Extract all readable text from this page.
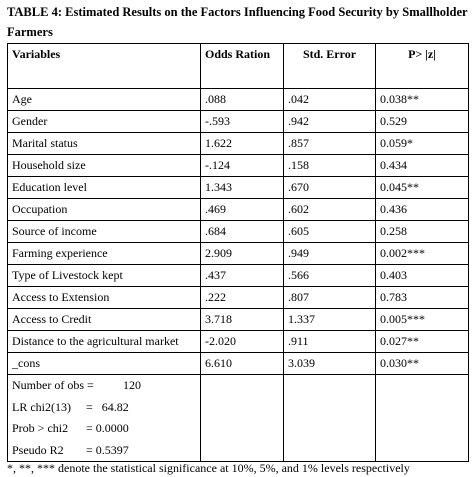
TABLE 4: Estimated Results on the Factors Influencing Food Security by Smallholder Farmers
Variables	Odds Ration	Std. Error	P> |z|
Age	.088	.042	0.038**
Gender	-.593	.942	0.529
Marital status	1.622	.857	0.059*
Household size	-.124	.158	0.434
Education level	1.343	.670	0.045**
Occupation	.469	.602	0.436
Source of income	.684	.605	0.258
Farming experience	2.909	.949	0.002***
Type of Livestock kept	.437	.566	0.403
Access to Extension	.222	.807	0.783
Access to Credit	3.718	1.337	0.005***
Distance to the agricultural market	-2.020	.911	0.027**
_cons	6.610	3.039	0.030**

Number of obs = 120
LR chi2(13) =   64.82
Prob > chi2 = 0.0000
Pseudo R2 = 0.5397			

*, **, *** denote the statistical significance at 10%, 5%, and 1% levels respectively
